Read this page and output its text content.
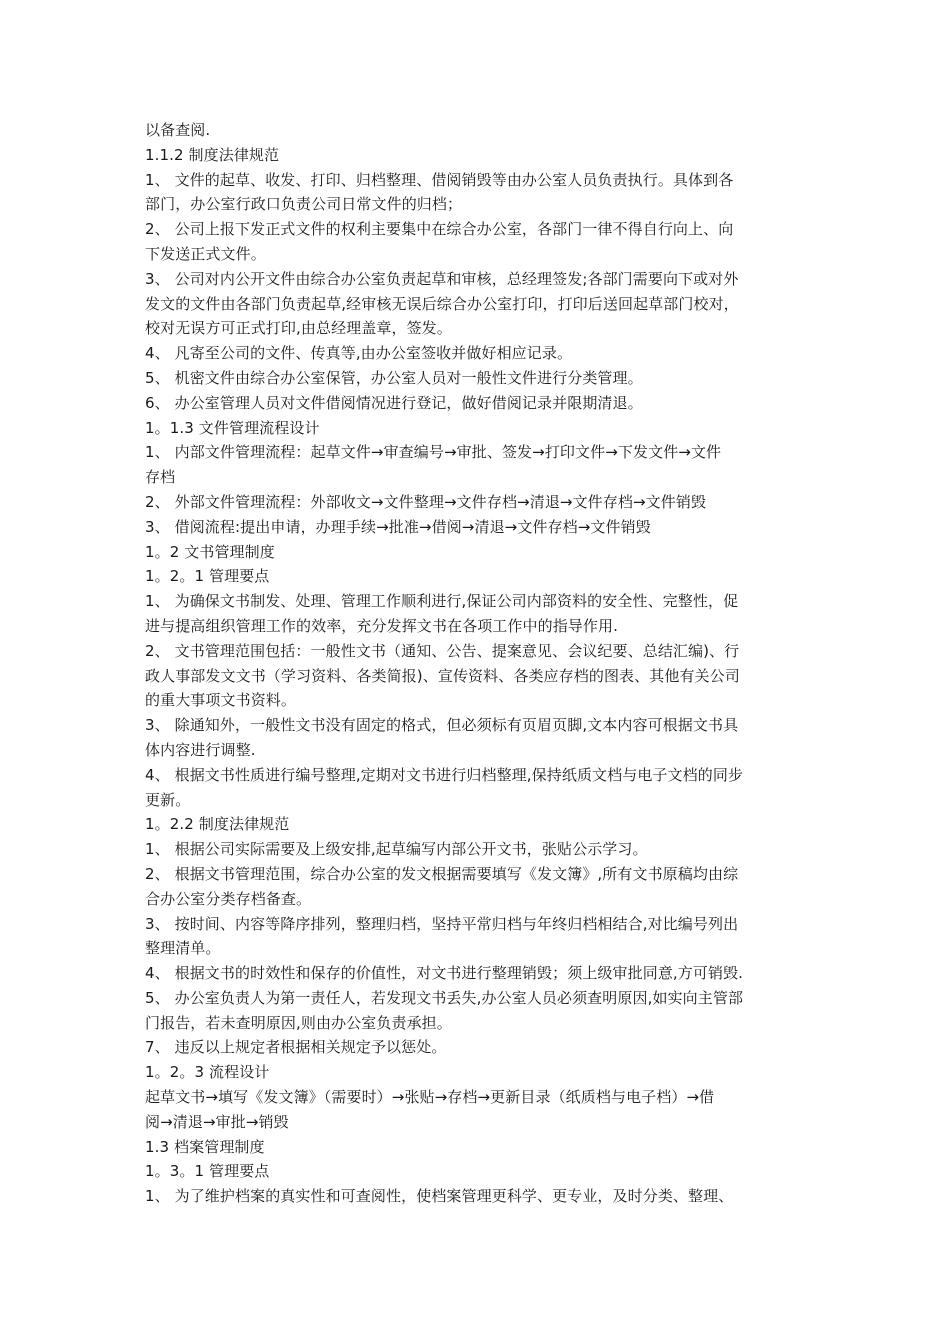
以备查阅.
1.1.2 制度法律规范
1、 文件的起草、收发、打印、归档整理、借阅销毁等由办公室人员负责执行。具体到各
部门，办公室行政口负责公司日常文件的归档；
2、 公司上报下发正式文件的权利主要集中在综合办公室，各部门一律不得自行向上、向
下发送正式文件。
3、 公司对内公开文件由综合办公室负责起草和审核，总经理签发;各部门需要向下或对外
发文的文件由各部门负责起草,经审核无误后综合办公室打印，打印后送回起草部门校对，
校对无误方可正式打印,由总经理盖章，签发。
4、 凡寄至公司的文件、传真等,由办公室签收并做好相应记录。
5、 机密文件由综合办公室保管，办公室人员对一般性文件进行分类管理。
6、 办公室管理人员对文件借阅情况进行登记，做好借阅记录并限期清退。
1。1.3 文件管理流程设计
1、 内部文件管理流程：起草文件→审查编号→审批、签发→打印文件→下发文件→文件
存档
2、 外部文件管理流程：外部收文→文件整理→文件存档→清退→文件存档→文件销毁
3、 借阅流程:提出申请，办理手续→批准→借阅→清退→文件存档→文件销毁
1。2 文书管理制度
1。2。1 管理要点
1、 为确保文书制发、处理、管理工作顺利进行,保证公司内部资料的安全性、完整性，促
进与提高组织管理工作的效率，充分发挥文书在各项工作中的指导作用.
2、 文书管理范围包括：一般性文书（通知、公告、提案意见、会议纪要、总结汇编)、行
政人事部发文文书（学习资料、各类简报)、宣传资料、各类应存档的图表、其他有关公司
的重大事项文书资料。
3、 除通知外，一般性文书没有固定的格式，但必须标有页眉页脚,文本内容可根据文书具
体内容进行调整.
4、 根据文书性质进行编号整理,定期对文书进行归档整理,保持纸质文档与电子文档的同步
更新。
1。2.2 制度法律规范
1、 根据公司实际需要及上级安排,起草编写内部公开文书，张贴公示学习。
2、 根据文书管理范围，综合办公室的发文根据需要填写《发文簿》,所有文书原稿均由综
合办公室分类存档备查。
3、 按时间、内容等降序排列，整理归档，坚持平常归档与年终归档相结合,对比编号列出
整理清单。
4、 根据文书的时效性和保存的价值性，对文书进行整理销毁；须上级审批同意,方可销毁.
5、 办公室负责人为第一责任人，若发现文书丢失,办公室人员必须查明原因,如实向主管部
门报告，若未查明原因,则由办公室负责承担。
7、 违反以上规定者根据相关规定予以惩处。
1。2。3 流程设计
起草文书→填写《发文簿》（需要时）→张贴→存档→更新目录（纸质档与电子档）→借
阅→清退→审批→销毁
1.3 档案管理制度
1。3。1 管理要点
1、 为了维护档案的真实性和可查阅性，使档案管理更科学、更专业，及时分类、整理、
